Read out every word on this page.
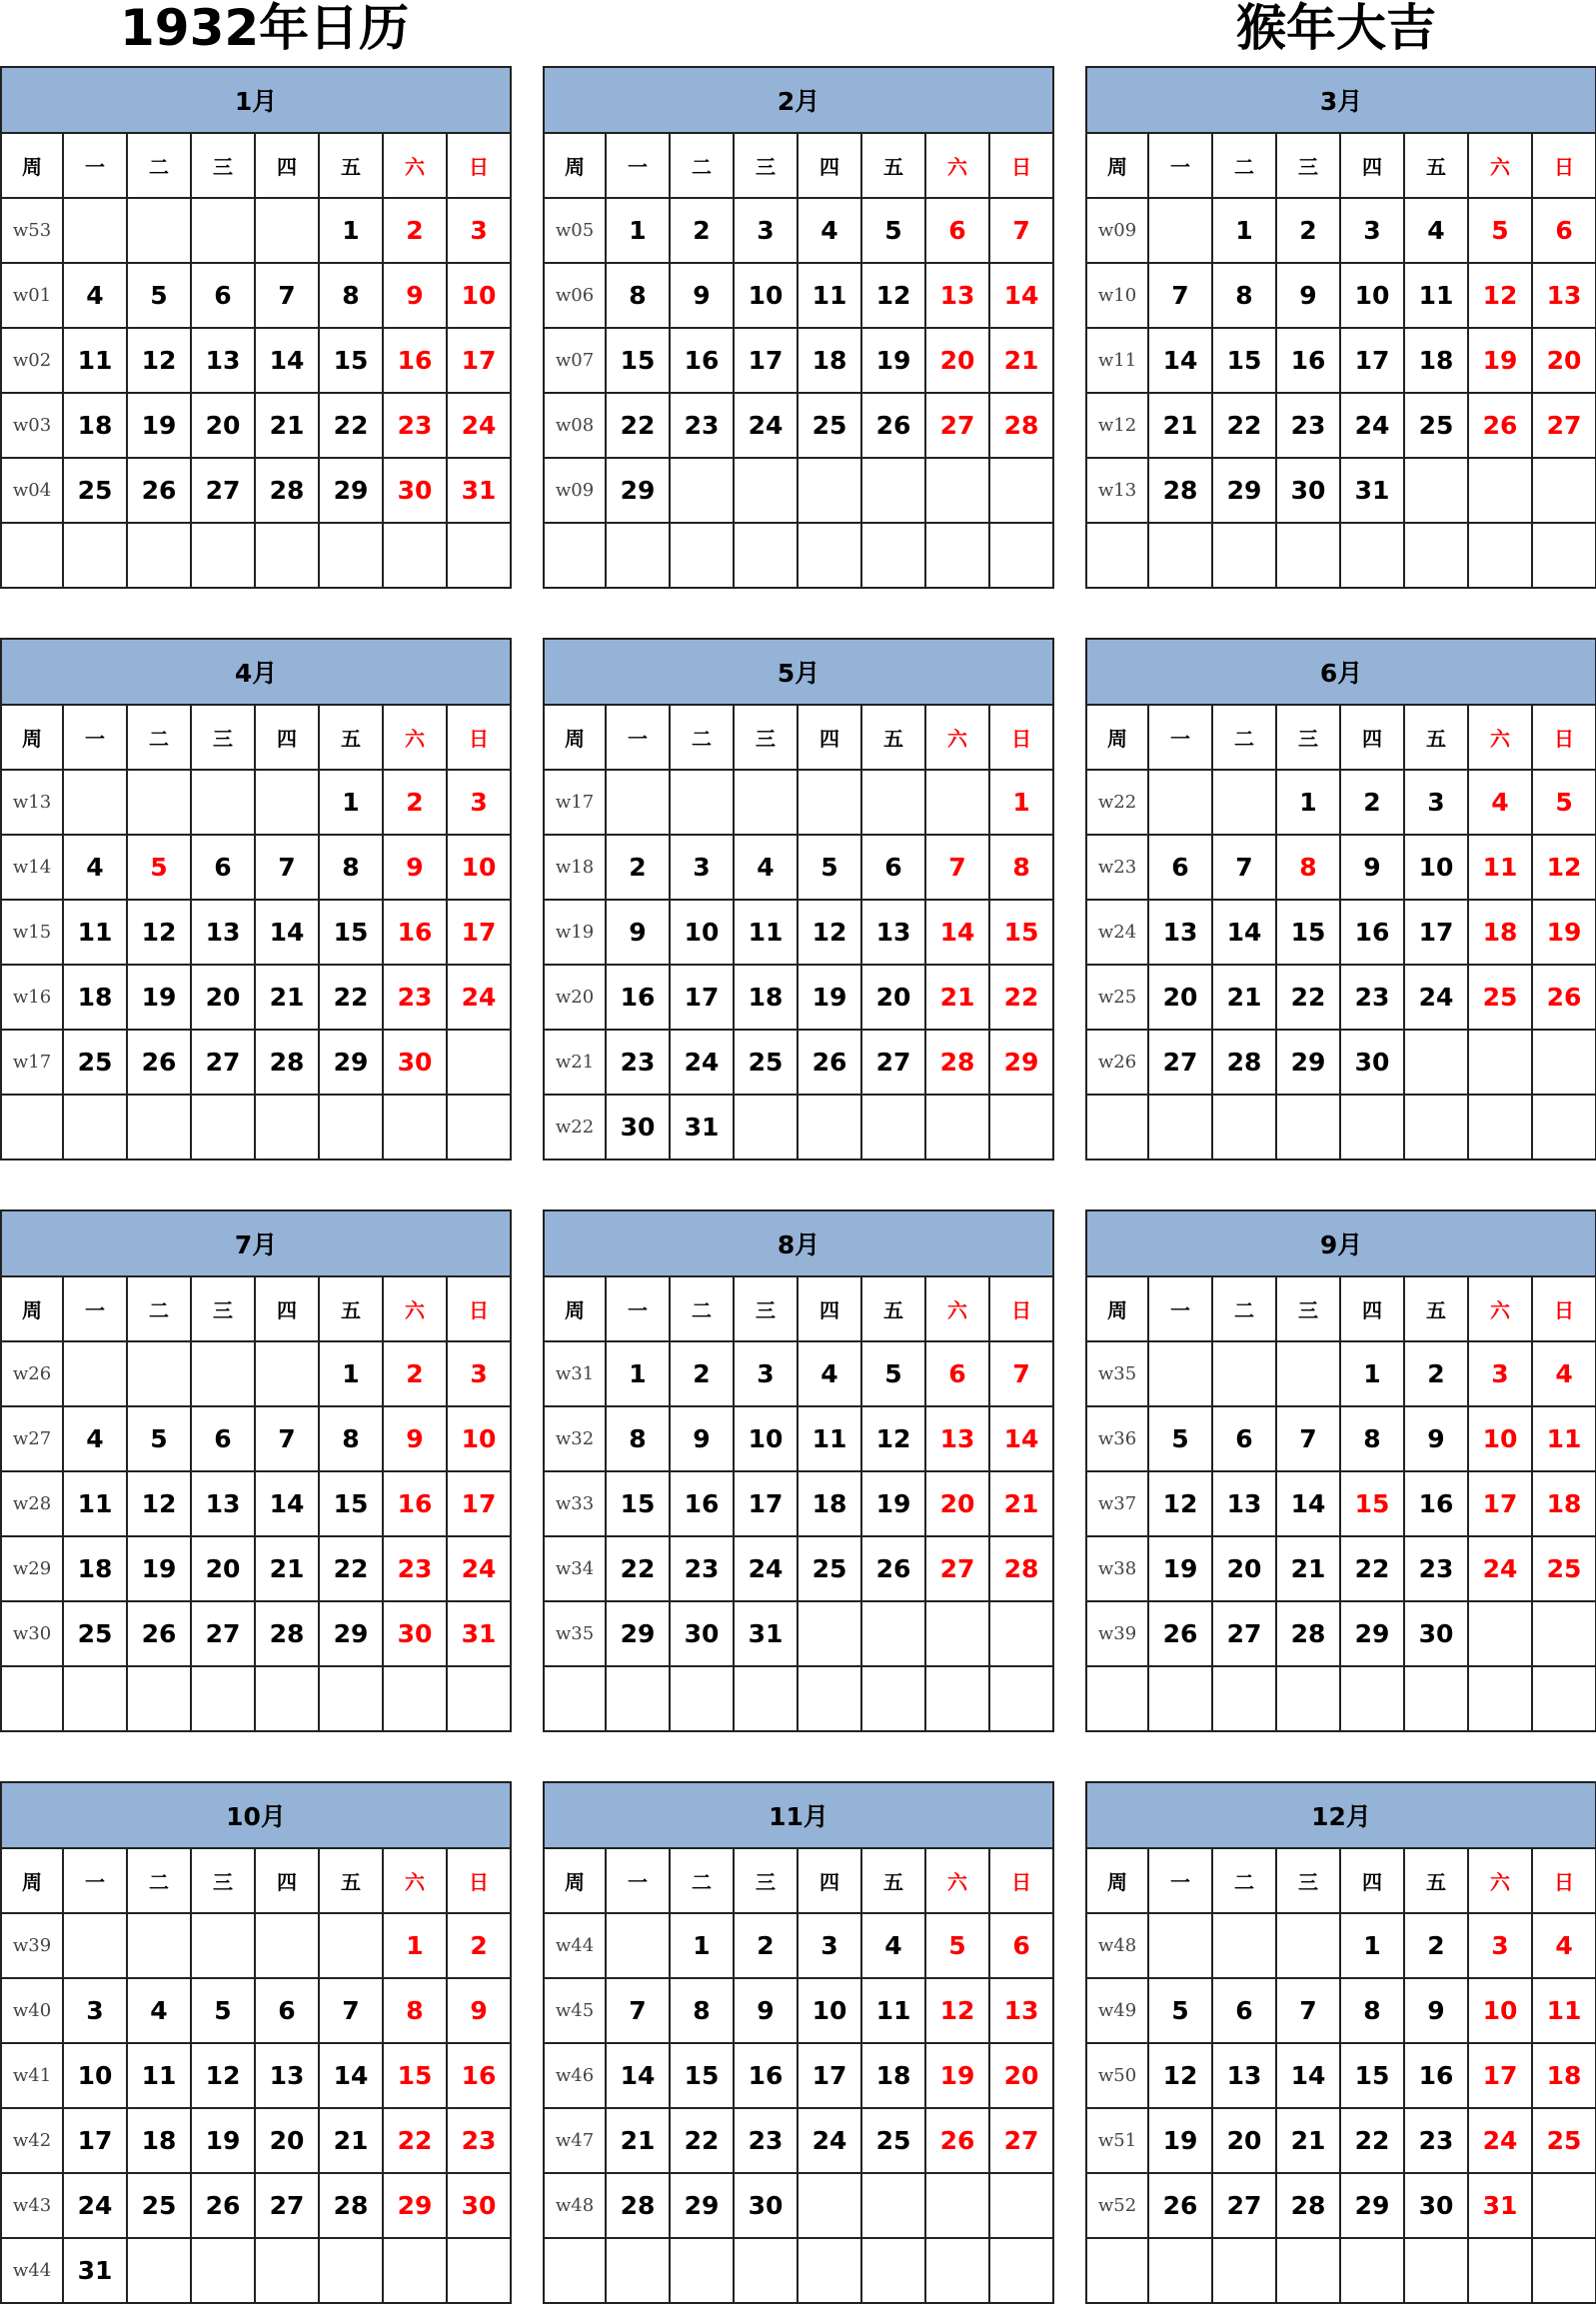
1932年日历	猴年大吉
1月							
周	一	二	三	四	五	六	日
w53					1	2	3
w01	4	5	6	7	8	9	10
w02	11	12	13	14	15	16	17
w03	18	19	20	21	22	23	24
w04	25	26	27	28	29	30	31

2月							
周	一	二	三	四	五	六	日
w05	1	2	3	4	5	6	7
w06	8	9	10	11	12	13	14
w07	15	16	17	18	19	20	21
w08	22	23	24	25	26	27	28
w09	29						

3月							
周	一	二	三	四	五	六	日
w09		1	2	3	4	5	6
w10	7	8	9	10	11	12	13
w11	14	15	16	17	18	19	20
w12	21	22	23	24	25	26	27
w13	28	29	30	31			

4月							
周	一	二	三	四	五	六	日
w13					1	2	3
w14	4	5	6	7	8	9	10
w15	11	12	13	14	15	16	17
w16	18	19	20	21	22	23	24
w17	25	26	27	28	29	30	

5月							
周	一	二	三	四	五	六	日
w17							1
w18	2	3	4	5	6	7	8
w19	9	10	11	12	13	14	15
w20	16	17	18	19	20	21	22
w21	23	24	25	26	27	28	29
w22	30	31					
6月							
周	一	二	三	四	五	六	日
w22			1	2	3	4	5
w23	6	7	8	9	10	11	12
w24	13	14	15	16	17	18	19
w25	20	21	22	23	24	25	26
w26	27	28	29	30			

7月							
周	一	二	三	四	五	六	日
w26					1	2	3
w27	4	5	6	7	8	9	10
w28	11	12	13	14	15	16	17
w29	18	19	20	21	22	23	24
w30	25	26	27	28	29	30	31

8月							
周	一	二	三	四	五	六	日
w31	1	2	3	4	5	6	7
w32	8	9	10	11	12	13	14
w33	15	16	17	18	19	20	21
w34	22	23	24	25	26	27	28
w35	29	30	31				

9月							
周	一	二	三	四	五	六	日
w35				1	2	3	4
w36	5	6	7	8	9	10	11
w37	12	13	14	15	16	17	18
w38	19	20	21	22	23	24	25
w39	26	27	28	29	30		

10月							
周	一	二	三	四	五	六	日
w39						1	2
w40	3	4	5	6	7	8	9
w41	10	11	12	13	14	15	16
w42	17	18	19	20	21	22	23
w43	24	25	26	27	28	29	30
w44	31						
11月							
周	一	二	三	四	五	六	日
w44		1	2	3	4	5	6
w45	7	8	9	10	11	12	13
w46	14	15	16	17	18	19	20
w47	21	22	23	24	25	26	27
w48	28	29	30				

12月							
周	一	二	三	四	五	六	日
w48				1	2	3	4
w49	5	6	7	8	9	10	11
w50	12	13	14	15	16	17	18
w51	19	20	21	22	23	24	25
w52	26	27	28	29	30	31	
